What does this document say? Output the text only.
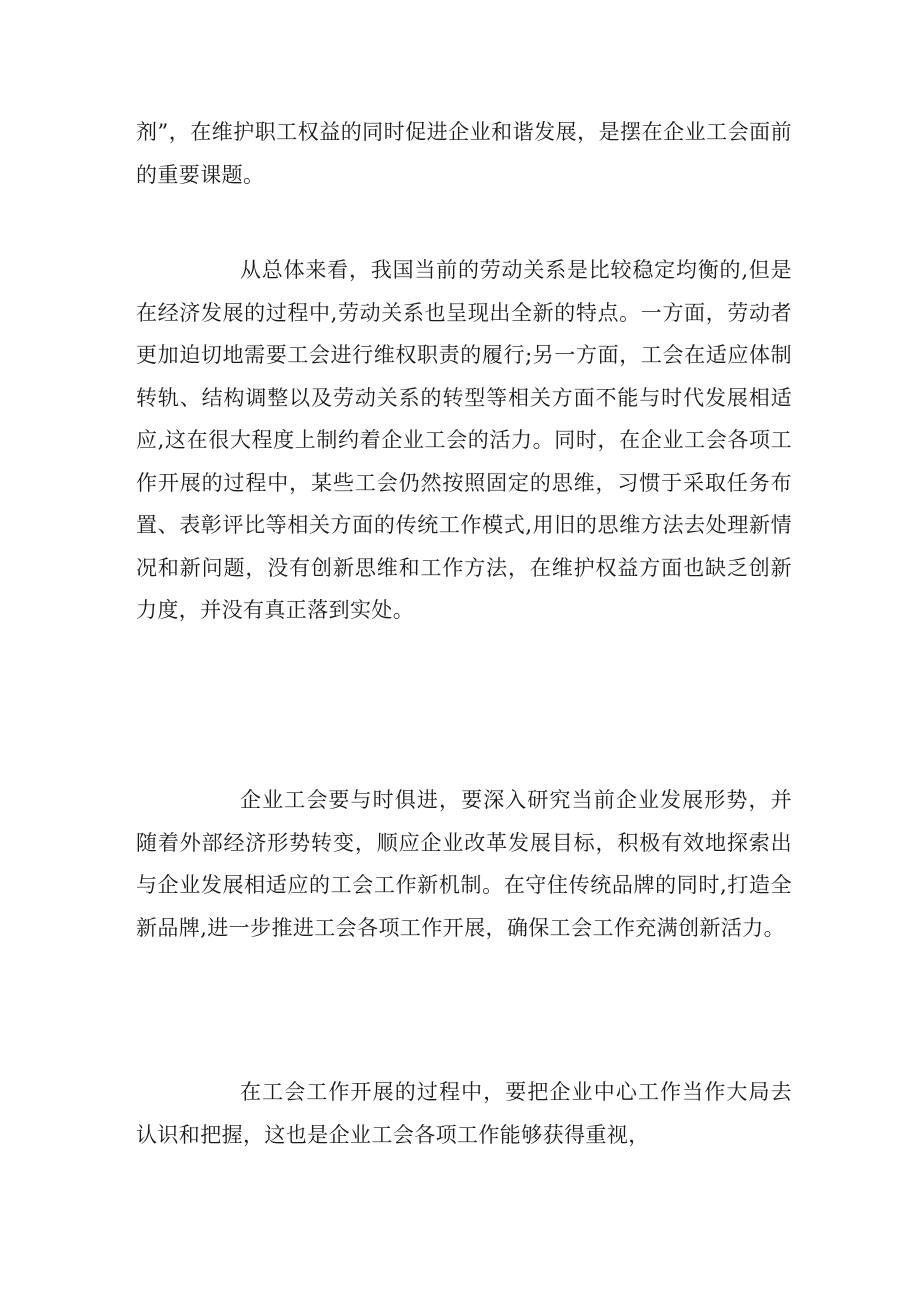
剂”，在维护职工权益的同时促进企业和谐发展，是摆在企业工会面前的重要课题。
从总体来看，我国当前的劳动关系是比较稳定均衡的,但是在经济发展的过程中,劳动关系也呈现出全新的特点。一方面，劳动者更加迫切地需要工会进行维权职责的履行;另一方面，工会在适应体制转轨、结构调整以及劳动关系的转型等相关方面不能与时代发展相适应,这在很大程度上制约着企业工会的活力。同时，在企业工会各项工作开展的过程中，某些工会仍然按照固定的思维，习惯于采取任务布置、表彰评比等相关方面的传统工作模式,用旧的思维方法去处理新情况和新问题，没有创新思维和工作方法，在维护权益方面也缺乏创新力度，并没有真正落到实处。
企业工会要与时俱进，要深入研究当前企业发展形势，并随着外部经济形势转变，顺应企业改革发展目标，积极有效地探索出与企业发展相适应的工会工作新机制。在守住传统品牌的同时,打造全新品牌,进一步推进工会各项工作开展，确保工会工作充满创新活力。
在工会工作开展的过程中，要把企业中心工作当作大局去认识和把握，这也是企业工会各项工作能够获得重视，
